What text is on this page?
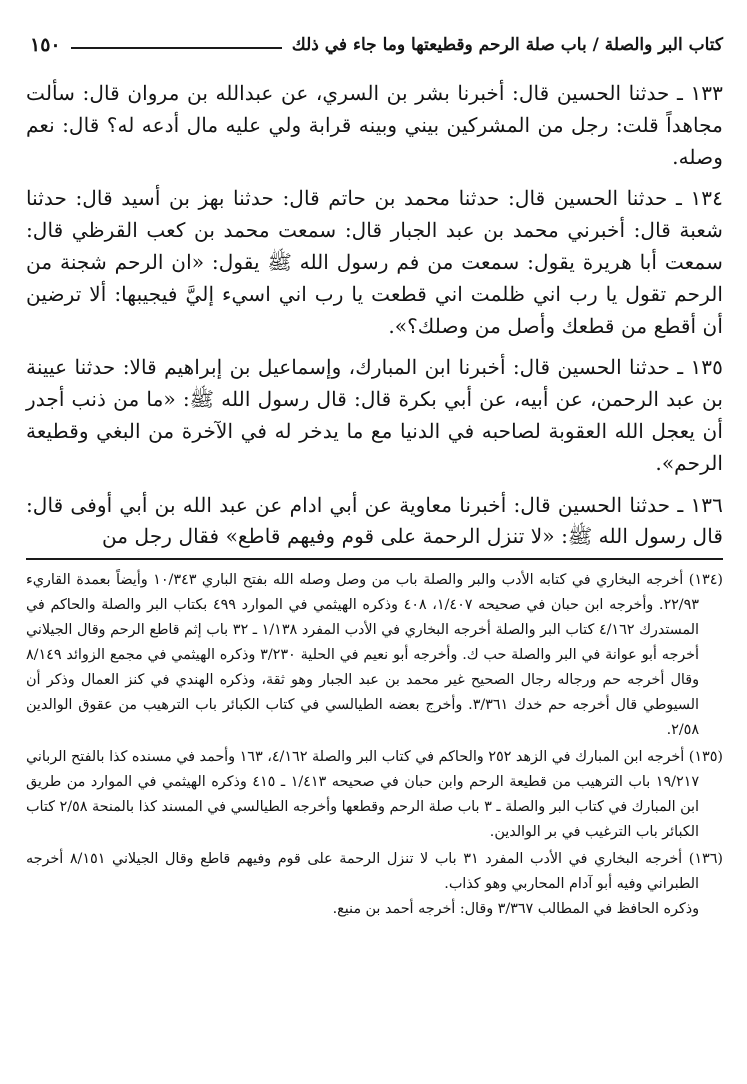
كتاب البر والصلة / باب صلة الرحم وقطيعتها وما جاء في ذلك
١٥٠

١٣٣ ـ حدثنا الحسين قال: أخبرنا بشر بن السري، عن عبدالله بن مروان قال: سألت مجاهداً قلت: رجل من المشركين بيني وبينه قرابة ولي عليه مال أدعه له؟ قال: نعم وصله.

١٣٤ ـ حدثنا الحسين قال: حدثنا محمد بن حاتم قال: حدثنا بهز بن أسيد قال: حدثنا شعبة قال: أخبرني محمد بن عبد الجبار قال: سمعت محمد بن كعب القرظي قال: سمعت أبا هريرة يقول: سمعت من فم رسول الله ﷺ يقول: «ان الرحم شجنة من الرحم تقول يا رب اني ظلمت اني قطعت يا رب اني اسيء إليَّ فيجيبها: ألا ترضين أن أقطع من قطعك وأصل من وصلك؟».

١٣٥ ـ حدثنا الحسين قال: أخبرنا ابن المبارك، وإسماعيل بن إبراهيم قالا: حدثنا عيينة بن عبد الرحمن، عن أبيه، عن أبي بكرة قال: قال رسول الله ﷺ: «ما من ذنب أجدر أن يعجل الله العقوبة لصاحبه في الدنيا مع ما يدخر له في الآخرة من البغي وقطيعة الرحم».

١٣٦ ـ حدثنا الحسين قال: أخبرنا معاوية عن أبي ادام عن عبد الله بن أبي أوفى قال: قال رسول الله ﷺ: «لا تنزل الرحمة على قوم وفيهم قاطع» فقال رجل من

(١٣٤) أخرجه البخاري في كتابه الأدب والبر والصلة باب من وصل وصله الله بفتح الباري ١٠/٣٤٣ وأيضاً بعمدة القاريء ٢٢/٩٣. وأخرجه ابن حبان في صحيحه ١/٤٠٧، ٤٠٨ وذكره الهيثمي في الموارد ٤٩٩ بكتاب البر والصلة والحاكم في المستدرك ٤/١٦٢ كتاب البر والصلة أخرجه البخاري في الأدب المفرد ١/١٣٨ ـ ٣٢ باب إثم قاطع الرحم وقال الجيلاني أخرجه أبو عوانة في البر والصلة حب ك. وأخرجه أبو نعيم في الحلية ٣/٢٣٠ وذكره الهيثمي في مجمع الزوائد ٨/١٤٩ وقال أخرجه حم ورجاله رجال الصحيح غير محمد بن عبد الجبار وهو ثقة، وذكره الهندي في كنز العمال وذكر أن السيوطي قال أخرجه حم خدك ٣/٣٦١. وأخرج بعضه الطيالسي في كتاب الكبائر باب الترهيب من عقوق الوالدين ٢/٥٨.

(١٣٥) أخرجه ابن المبارك في الزهد ٢٥٢ والحاكم في كتاب البر والصلة ٤/١٦٢، ١٦٣ وأحمد في مسنده كذا بالفتح الرباني ١٩/٢١٧ باب الترهيب من قطيعة الرحم وابن حبان في صحيحه ١/٤١٣ ـ ٤١٥ وذكره الهيثمي في الموارد من طريق ابن المبارك في كتاب البر والصلة ـ ٣ باب صلة الرحم وقطعها وأخرجه الطيالسي في المسند كذا بالمنحة ٢/٥٨ كتاب الكبائر باب الترغيب في بر الوالدين.

(١٣٦) أخرجه البخاري في الأدب المفرد ٣١ باب لا تنزل الرحمة على قوم وفيهم قاطع وقال الجيلاني ٨/١٥١ أخرجه الطبراني وفيه أبو آدام المحاربي وهو كذاب.

وذكره الحافظ في المطالب ٣/٣٦٧ وقال: أخرجه أحمد بن منيع.
